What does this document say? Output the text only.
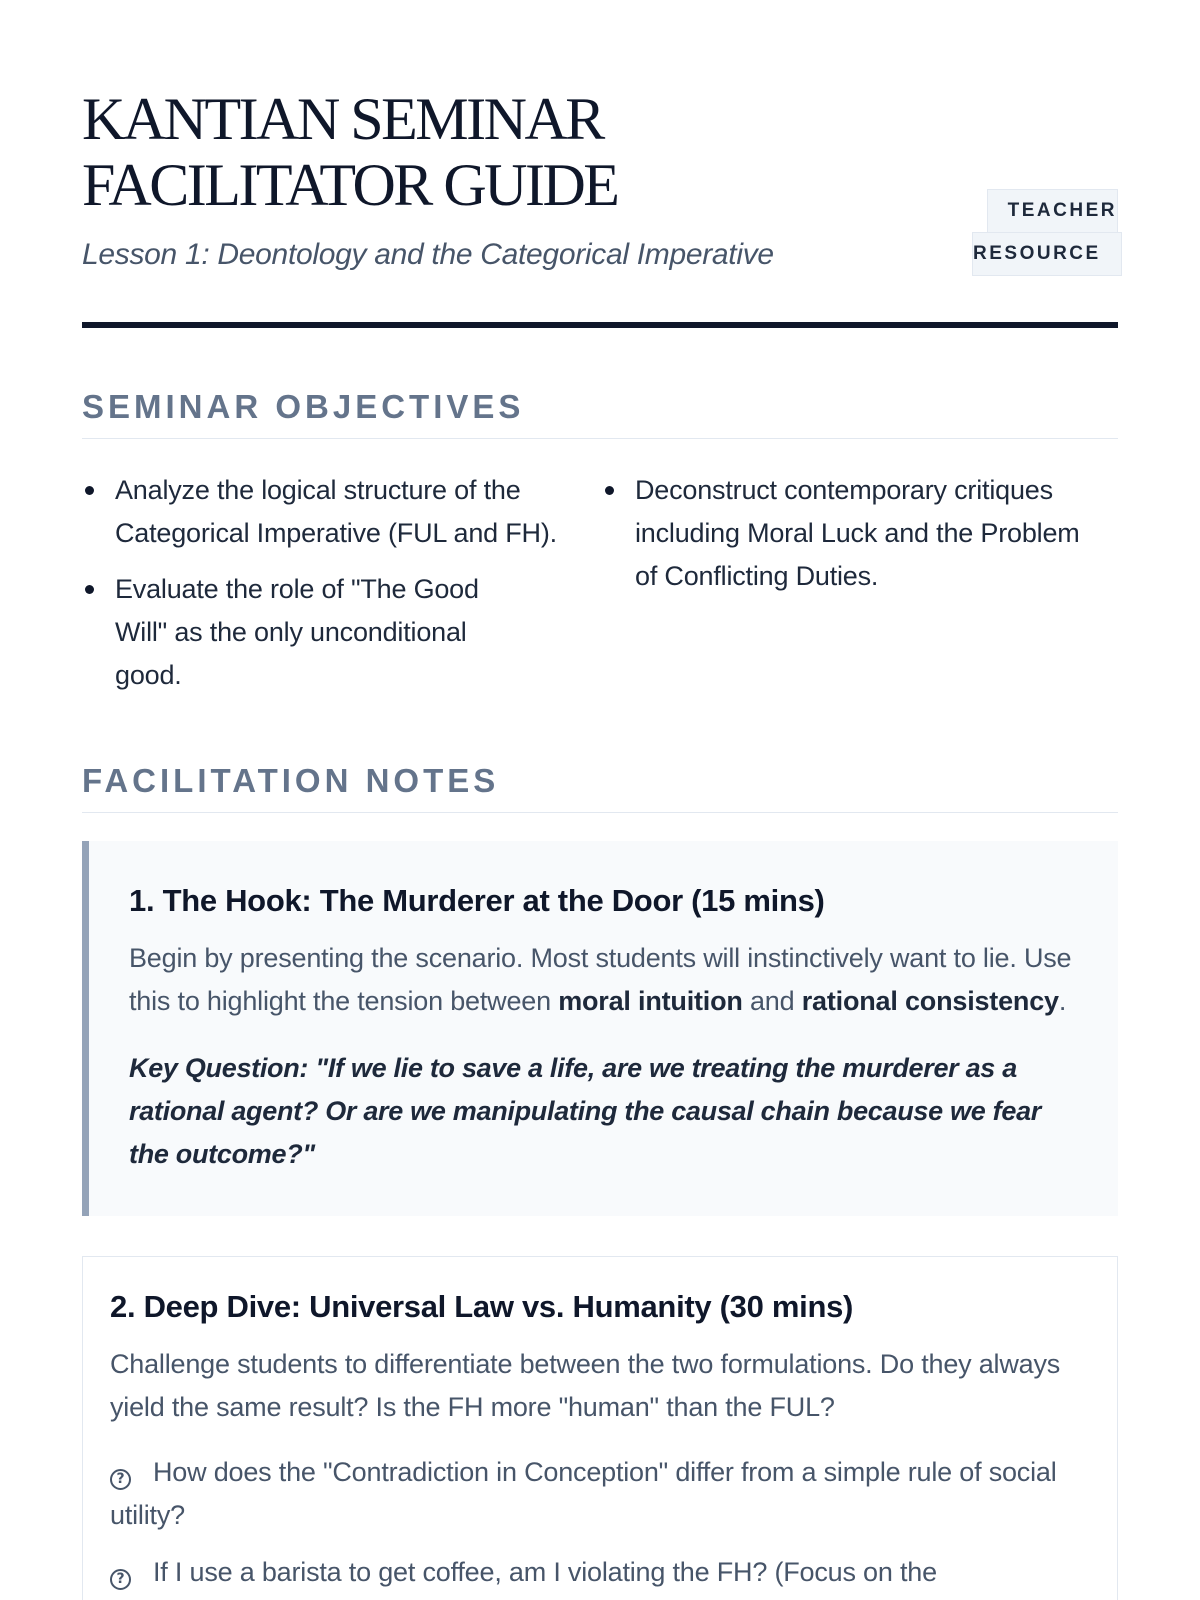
KANTIAN SEMINAR
FACILITATOR GUIDE

Lesson 1: Deontology and the Categorical Imperative

TEACHER
RESOURCE
SEMINAR OBJECTIVES
Analyze the logical structure of the Categorical Imperative (FUL and FH).
Evaluate the role of "The Good Will" as the only unconditional good.
Deconstruct contemporary critiques including Moral Luck and the Problem of Conflicting Duties.
FACILITATION NOTES
1. The Hook: The Murderer at the Door (15 mins)

Begin by presenting the scenario. Most students will instinctively want to lie. Use this to highlight the tension between moral intuition and rational consistency.

Key Question: "If we lie to save a life, are we treating the murderer as a rational agent? Or are we manipulating the causal chain because we fear the outcome?"

2. Deep Dive: Universal Law vs. Humanity (30 mins)

Challenge students to differentiate between the two formulations. Do they always yield the same result? Is the FH more "human" than the FUL?

? How does the "Contradiction in Conception" differ from a simple rule of social utility?
? If I use a barista to get coffee, am I violating the FH? (Focus on the
